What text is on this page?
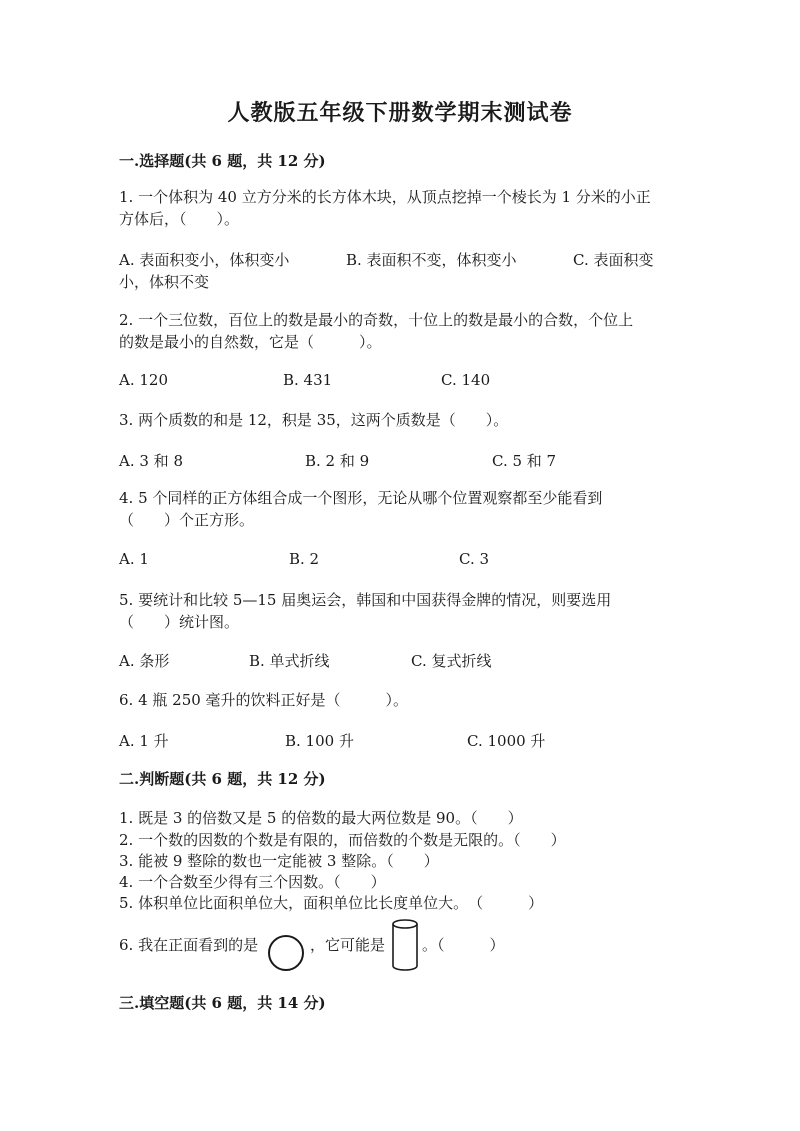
人教版五年级下册数学期末测试卷
一.选择题(共 6 题，共 12 分)
1. 一个体积为 40 立方分米的长方体木块，从顶点挖掉一个棱长为 1 分米的小正
方体后，（　　）。
A. 表面积变小，体积变小	B. 表面积不变，体积变小	C. 表面积变
小，体积不变
2. 一个三位数，百位上的数是最小的奇数，十位上的数是最小的合数，个位上
的数是最小的自然数，它是（　　　）。
A. 120	B. 431	C. 140
3. 两个质数的和是 12，积是 35，这两个质数是（　　）。
A. 3 和 8	B. 2 和 9	C. 5 和 7
4. 5 个同样的正方体组合成一个图形，无论从哪个位置观察都至少能看到
（　　）个正方形。
A. 1	B. 2	C. 3
5. 要统计和比较 5—15 届奥运会，韩国和中国获得金牌的情况，则要选用
（　　）统计图。
A. 条形	B. 单式折线	C. 复式折线
6. 4 瓶 250 毫升的饮料正好是（　　　）。
A. 1 升	B. 100 升	C. 1000 升
二.判断题(共 6 题，共 12 分)
1. 既是 3 的倍数又是 5 的倍数的最大两位数是 90。（　　）
2. 一个数的因数的个数是有限的，而倍数的个数是无限的。（　　）
3. 能被 9 整除的数也一定能被 3 整除。（　　）
4. 一个合数至少得有三个因数。（　　）
5. 体积单位比面积单位大，面积单位比长度单位大。　（　　　）
6. 我在正面看到的是	，它可能是 。（　　　）
三.填空题(共 6 题，共 14 分)
